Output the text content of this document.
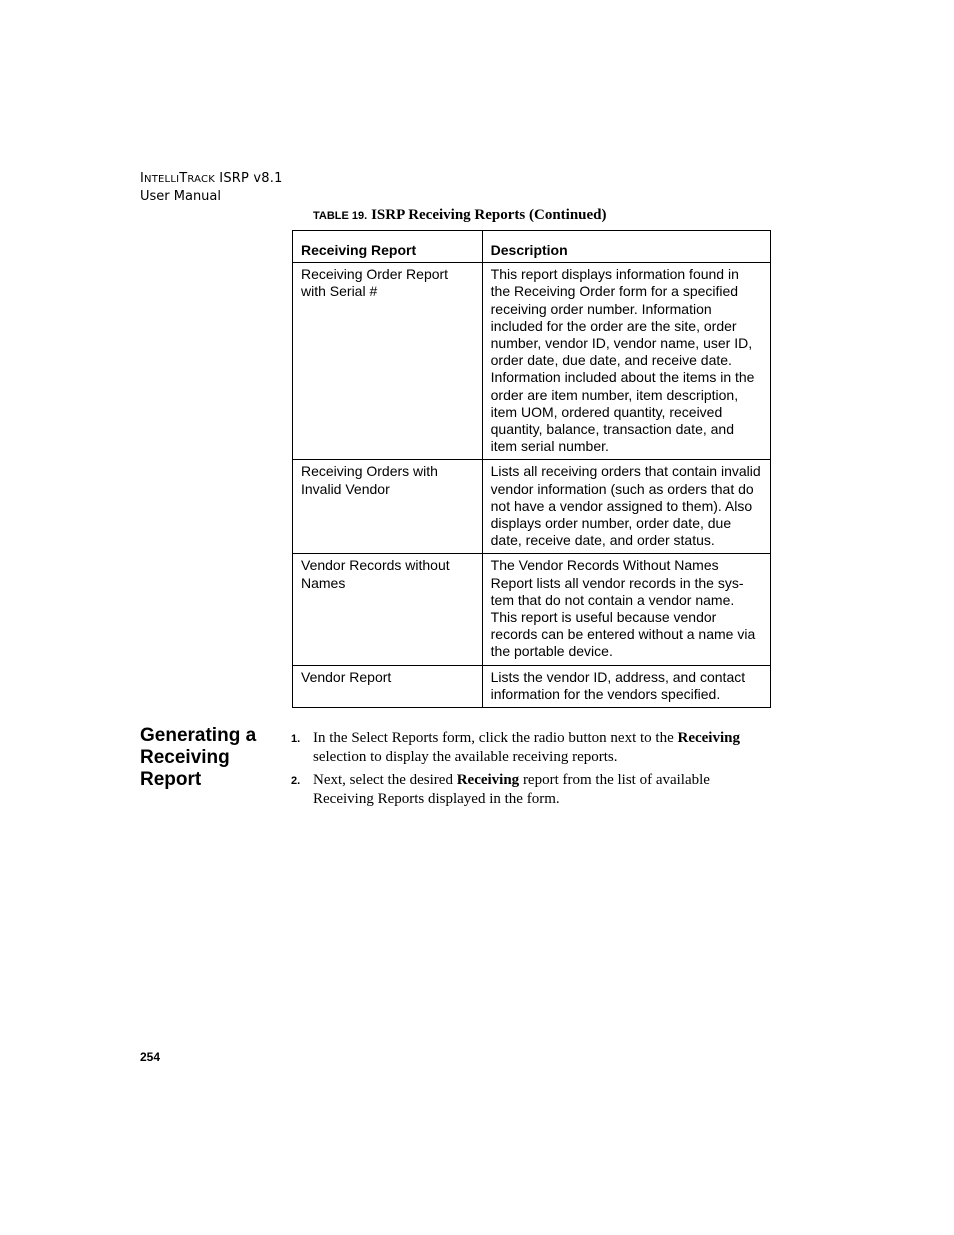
INTELLITRACK ISRP v8.1
User Manual
TABLE 19. ISRP Receiving Reports (Continued)
Receiving Report	Description
Receiving Order Report with Serial #	This report displays information found in the Receiving Order form for a specified receiving order number. Information included for the order are the site, order number, vendor ID, vendor name, user ID, order date, due date, and receive date. Information included about the items in the order are item number, item description, item UOM, ordered quantity, received quantity, balance, transaction date, and item serial number.
Receiving Orders with Invalid Vendor	Lists all receiving orders that contain invalid vendor information (such as orders that do not have a vendor assigned to them). Also displays order number, order date, due date, receive date, and order status.
Vendor Records without Names	The Vendor Records Without Names Report lists all vendor records in the sys-tem that do not contain a vendor name. This report is useful because vendor records can be entered without a name via the portable device.
Vendor Report	Lists the vendor ID, address, and contact information for the vendors specified.
Generating a Receiving Report
1. In the Select Reports form, click the radio button next to the Receiving selection to display the available receiving reports.
2. Next, select the desired Receiving report from the list of available Receiving Reports displayed in the form.
254
